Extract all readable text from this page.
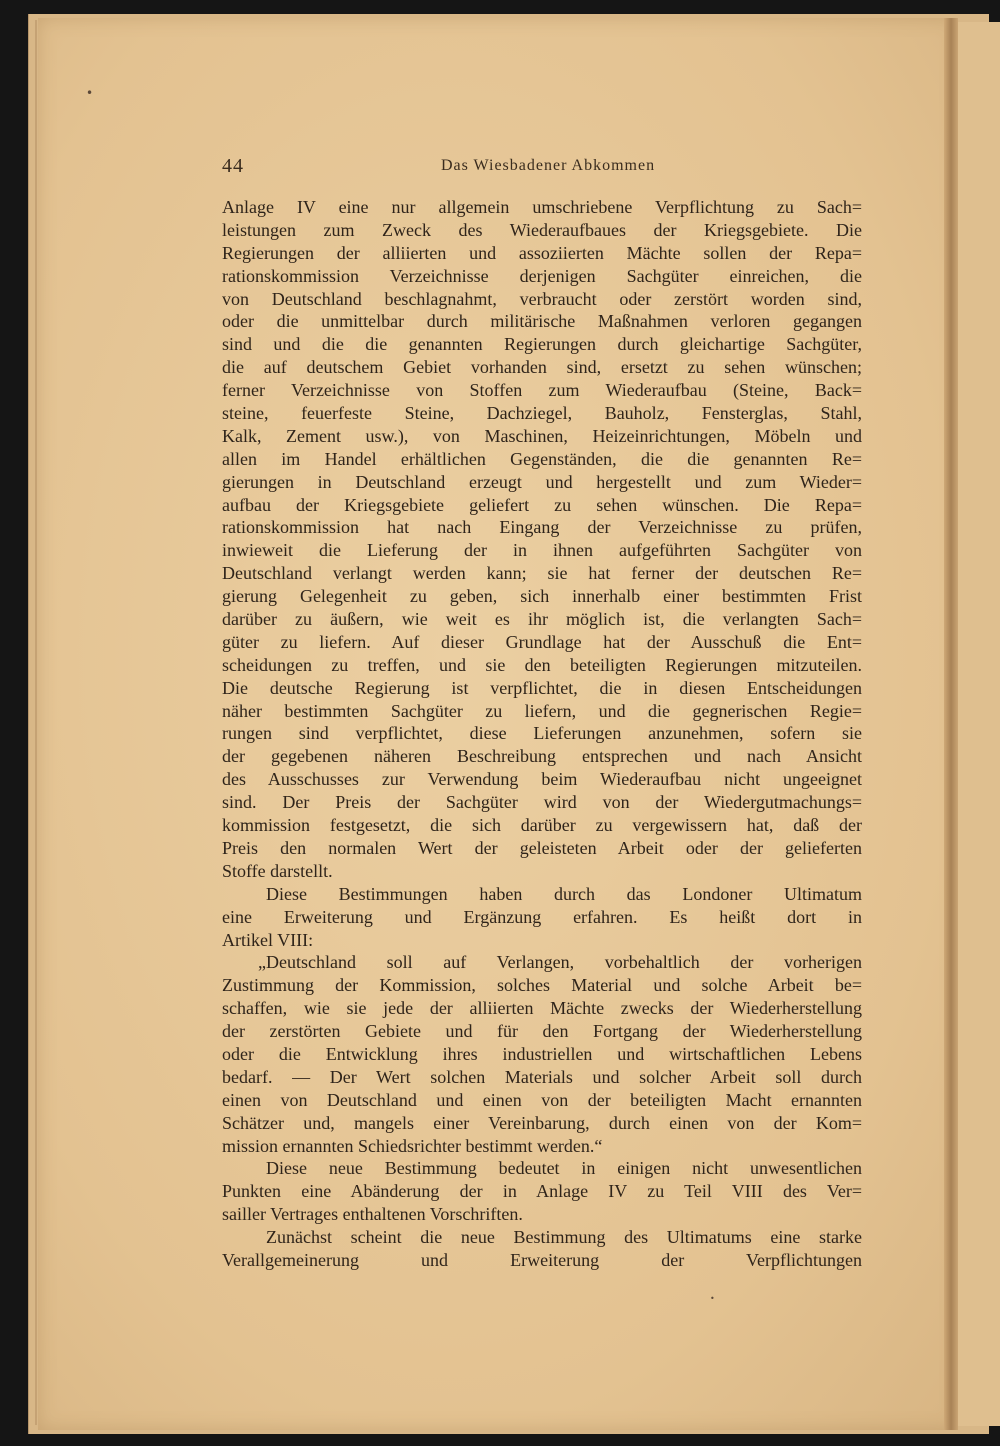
•
44	Das Wiesbadener Abkommen
Anlage IV eine nur allgemein umschriebene Verpflichtung zu Sach=
leistungen zum Zweck des Wiederaufbaues der Kriegsgebiete. Die
Regierungen der alliierten und assoziierten Mächte sollen der Repa=
rationskommission Verzeichnisse derjenigen Sachgüter einreichen, die
von Deutschland beschlagnahmt, verbraucht oder zerstört worden sind,
oder die unmittelbar durch militärische Maßnahmen verloren gegangen
sind und die die genannten Regierungen durch gleichartige Sachgüter,
die auf deutschem Gebiet vorhanden sind, ersetzt zu sehen wünschen;
ferner Verzeichnisse von Stoffen zum Wiederaufbau (Steine, Back=
steine, feuerfeste Steine, Dachziegel, Bauholz, Fensterglas, Stahl,
Kalk, Zement usw.), von Maschinen, Heizeinrichtungen, Möbeln und
allen im Handel erhältlichen Gegenständen, die die genannten Re=
gierungen in Deutschland erzeugt und hergestellt und zum Wieder=
aufbau der Kriegsgebiete geliefert zu sehen wünschen. Die Repa=
rationskommission hat nach Eingang der Verzeichnisse zu prüfen,
inwieweit die Lieferung der in ihnen aufgeführten Sachgüter von
Deutschland verlangt werden kann; sie hat ferner der deutschen Re=
gierung Gelegenheit zu geben, sich innerhalb einer bestimmten Frist
darüber zu äußern, wie weit es ihr möglich ist, die verlangten Sach=
güter zu liefern. Auf dieser Grundlage hat der Ausschuß die Ent=
scheidungen zu treffen, und sie den beteiligten Regierungen mitzuteilen.
Die deutsche Regierung ist verpflichtet, die in diesen Entscheidungen
näher bestimmten Sachgüter zu liefern, und die gegnerischen Regie=
rungen sind verpflichtet, diese Lieferungen anzunehmen, sofern sie
der gegebenen näheren Beschreibung entsprechen und nach Ansicht
des Ausschusses zur Verwendung beim Wiederaufbau nicht ungeeignet
sind. Der Preis der Sachgüter wird von der Wiedergutmachungs=
kommission festgesetzt, die sich darüber zu vergewissern hat, daß der
Preis den normalen Wert der geleisteten Arbeit oder der gelieferten
Stoffe darstellt.
Diese Bestimmungen haben durch das Londoner Ultimatum
eine Erweiterung und Ergänzung erfahren. Es heißt dort in
Artikel VIII:
„Deutschland soll auf Verlangen, vorbehaltlich der vorherigen
Zustimmung der Kommission, solches Material und solche Arbeit be=
schaffen, wie sie jede der alliierten Mächte zwecks der Wiederherstellung
der zerstörten Gebiete und für den Fortgang der Wiederherstellung
oder die Entwicklung ihres industriellen und wirtschaftlichen Lebens
bedarf. — Der Wert solchen Materials und solcher Arbeit soll durch
einen von Deutschland und einen von der beteiligten Macht ernannten
Schätzer und, mangels einer Vereinbarung, durch einen von der Kom=
mission ernannten Schiedsrichter bestimmt werden.“
Diese neue Bestimmung bedeutet in einigen nicht unwesentlichen
Punkten eine Abänderung der in Anlage IV zu Teil VIII des Ver=
sailler Vertrages enthaltenen Vorschriften.
Zunächst scheint die neue Bestimmung des Ultimatums eine starke
Verallgemeinerung und Erweiterung der Verpflichtungen
•
